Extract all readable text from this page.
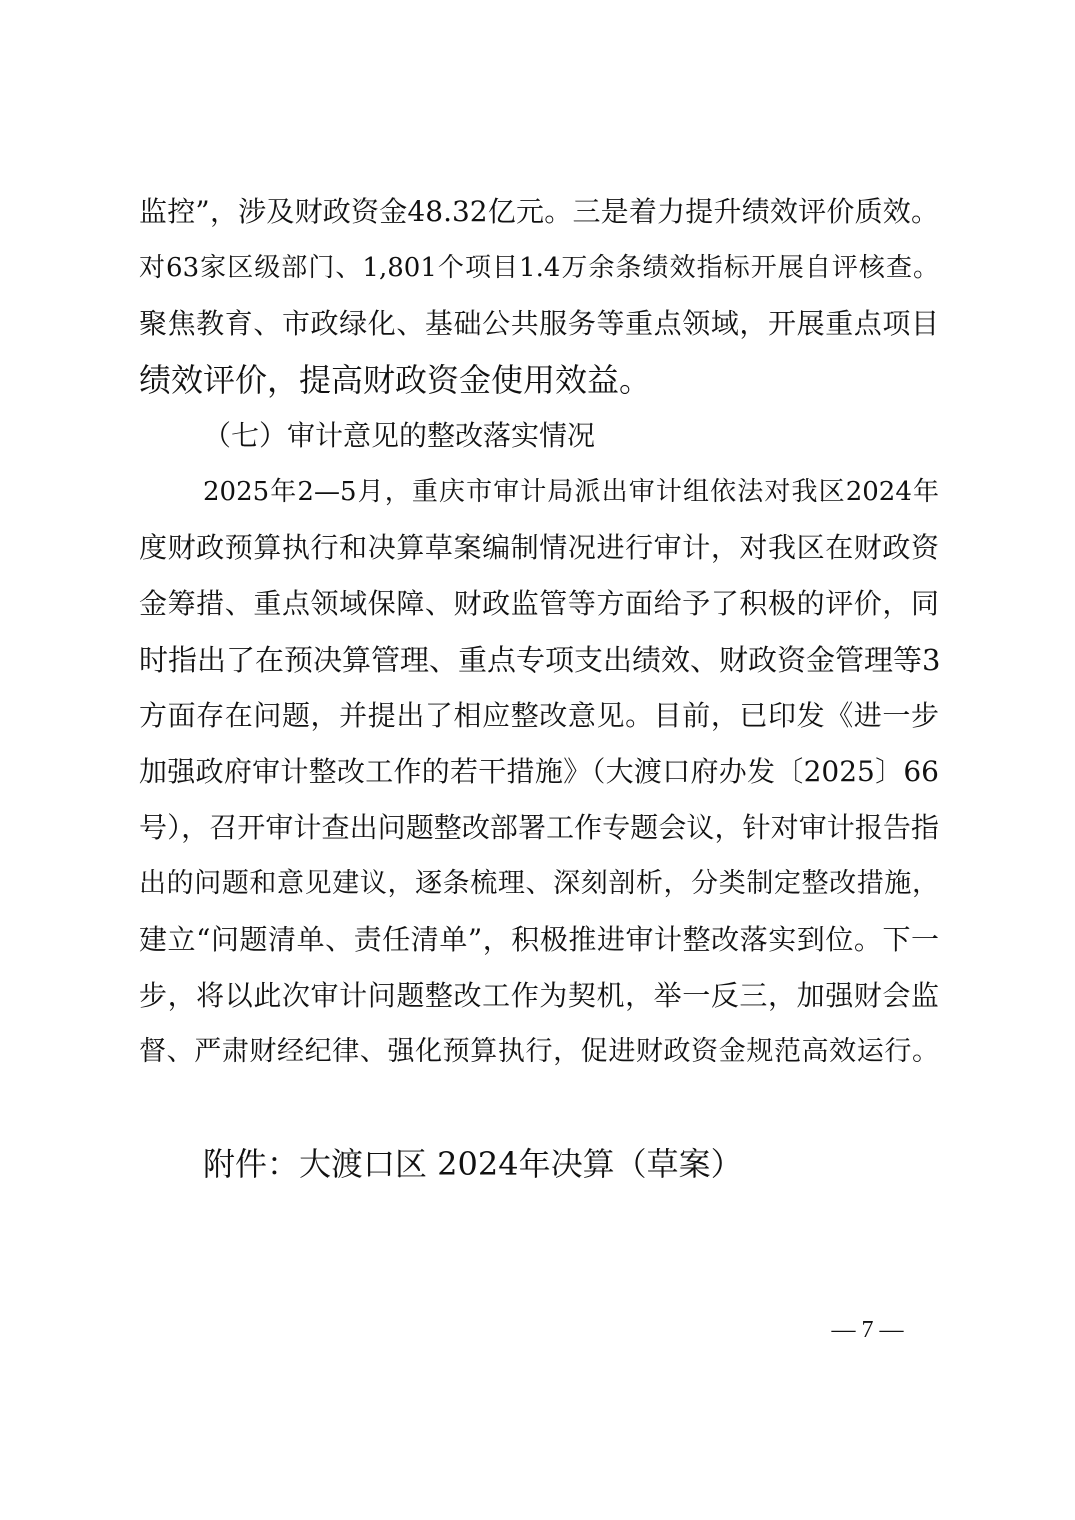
监控”，涉及财政资金48.32亿元。三是着力提升绩效评价质效。
对63家区级部门、1,801个项目1.4万余条绩效指标开展自评核查。
聚焦教育、市政绿化、基础公共服务等重点领域，开展重点项目
绩效评价，提高财政资金使用效益。
（七）审计意见的整改落实情况
2025年2—5月，重庆市审计局派出审计组依法对我区2024年
度财政预算执行和决算草案编制情况进行审计，对我区在财政资
金筹措、重点领域保障、财政监管等方面给予了积极的评价，同
时指出了在预决算管理、重点专项支出绩效、财政资金管理等3
方面存在问题，并提出了相应整改意见。目前，已印发《进一步
加强政府审计整改工作的若干措施》（大渡口府办发〔2025〕66
号），召开审计查出问题整改部署工作专题会议，针对审计报告指
出的问题和意见建议，逐条梳理、深刻剖析，分类制定整改措施，
建立“问题清单、责任清单”，积极推进审计整改落实到位。下一
步，将以此次审计问题整改工作为契机，举一反三，加强财会监
督、严肃财经纪律、强化预算执行，促进财政资金规范高效运行。
附件：大渡口区 2024年决算（草案）
— 7 —
